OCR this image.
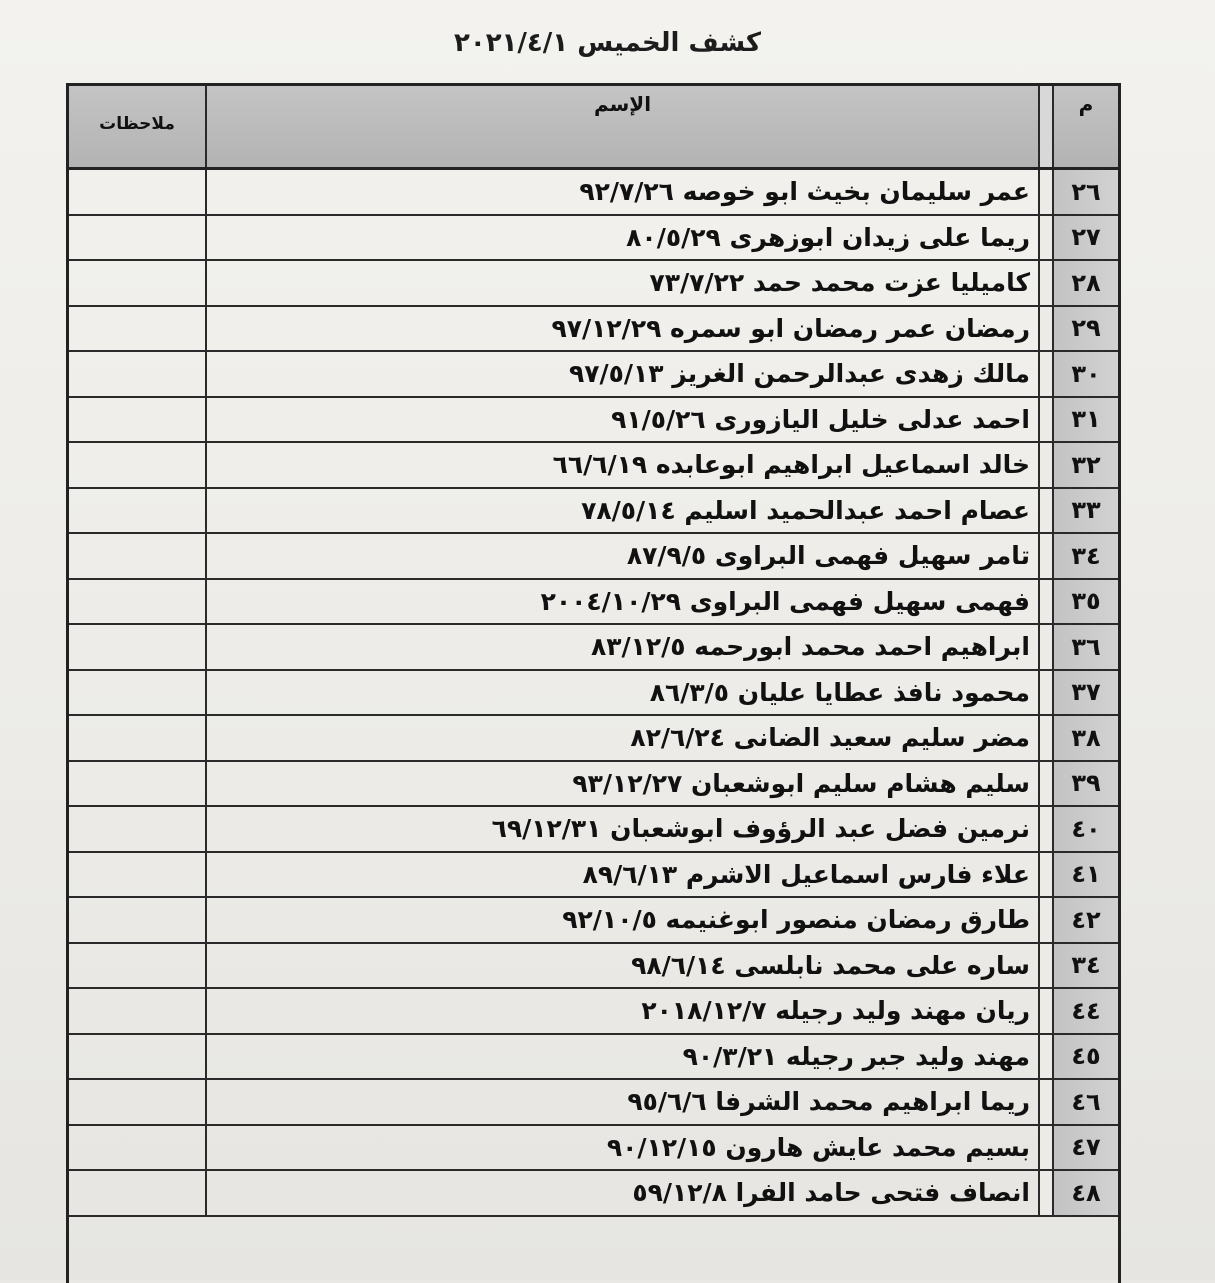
كشف الخميس ٢٠٢١/٤/١
م
الإسم
ملاحظات
٢٦
عمر سليمان بخيث ابو خوصه ٩٢/٧/٢٦
٢٧
ريما على زيدان ابوزهرى ٨٠/٥/٢٩
٢٨
كاميليا عزت محمد حمد ٧٣/٧/٢٢
٢٩
رمضان عمر رمضان ابو سمره ٩٧/١٢/٢٩
٣٠
مالك زهدى عبدالرحمن الغريز ٩٧/٥/١٣
٣١
احمد عدلى خليل اليازورى ٩١/٥/٢٦
٣٢
خالد اسماعيل ابراهيم ابوعابده ٦٦/٦/١٩
٣٣
عصام احمد عبدالحميد اسليم ٧٨/٥/١٤
٣٤
تامر سهيل فهمى البراوى ٨٧/٩/٥
٣٥
فهمى سهيل فهمى البراوى ٢٠٠٤/١٠/٢٩
٣٦
ابراهيم احمد محمد ابورحمه ٨٣/١٢/٥
٣٧
محمود نافذ عطايا عليان ٨٦/٣/٥
٣٨
مضر سليم سعيد الضانى ٨٢/٦/٢٤
٣٩
سليم هشام سليم ابوشعبان ٩٣/١٢/٢٧
٤٠
نرمين فضل عبد الرؤوف ابوشعبان ٦٩/١٢/٣١
٤١
علاء فارس اسماعيل الاشرم ٨٩/٦/١٣
٤٢
طارق رمضان منصور ابوغنيمه ٩٢/١٠/٥
٣٤
ساره على محمد نابلسى ٩٨/٦/١٤
٤٤
ريان مهند وليد رجيله ٢٠١٨/١٢/٧
٤٥
مهند وليد جبر رجيله ٩٠/٣/٢١
٤٦
ريما ابراهيم محمد الشرفا ٩٥/٦/٦
٤٧
بسيم محمد عايش هارون ٩٠/١٢/١٥
٤٨
انصاف فتحى حامد الفرا ٥٩/١٢/٨
